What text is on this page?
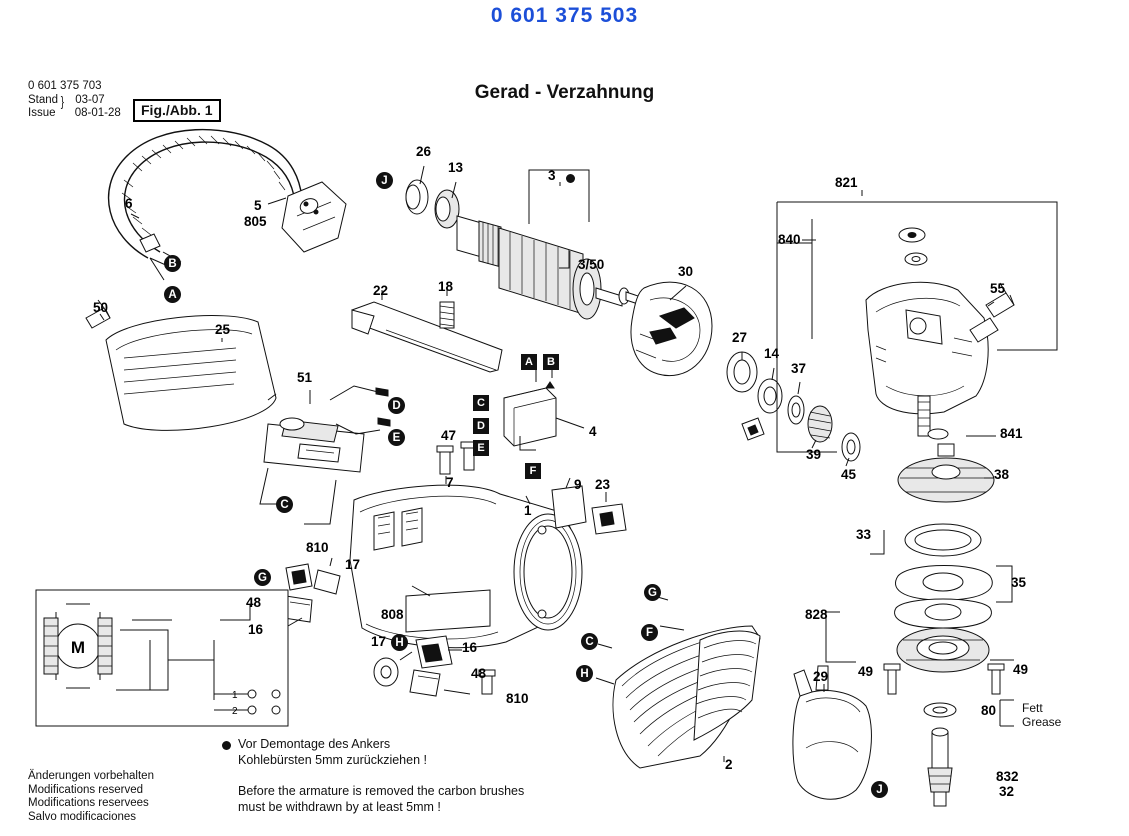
0 601 375 503
Gerad - Verzahnung
0 601 375 703
Stand 03-07
Issue 08-01-28
}
Fig./Abb. 1
M
1
2
6	5
805
26
13
3
3/50	30
27
14
37
39
45
821
840
55
841
38
33
35
828
49	49
80
832
32
50
25
22	18
51
47
7
4
9 23
1
810
17
48
16
808
17	16
48
810
2
29
B
A
J
D
E
C
G
H
G
F
C
H
J
A	B
C
D
E
F
Vor Demontage des Ankers
Kohlebürsten 5mm zurückziehen !
Before the armature is removed the carbon brushes
must be withdrawn by at least 5mm !
Fett
Grease
Änderungen vorbehalten
Modifications reserved
Modifications reservees
Salvo modificaciones
